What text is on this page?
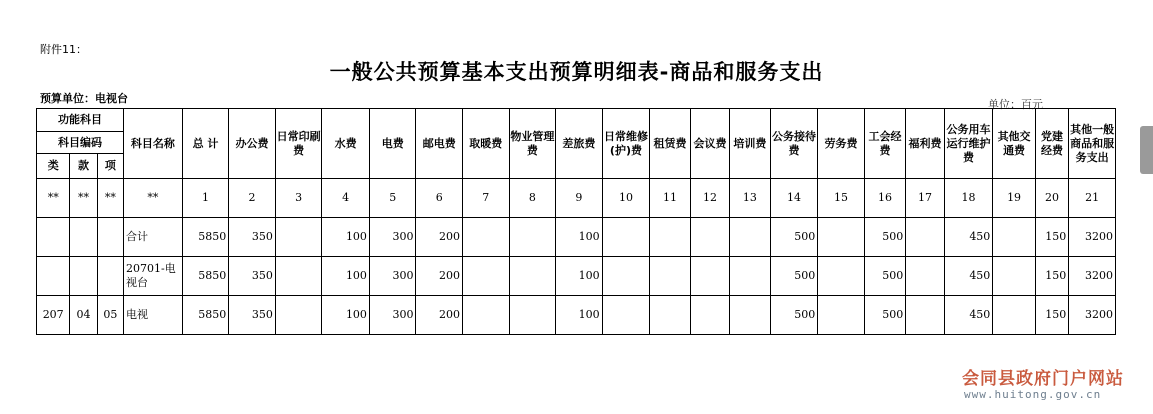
附件11：
一般公共预算基本支出预算明细表-商品和服务支出
预算单位：电视台	单位：百元
功能科目			科目名称	总 计	办公费	日常印刷费	水费	电费	邮电费	取暖费	物业管理费	差旅费	日常维修(护)费	租赁费	会议费	培训费	公务接待费	劳务费	工会经费	福利费	公务用车运行维护费	其他交通费	党建经费	其他一般商品和服务支出
科目编码																								
类	款	项																						
**	**	**	**	1	2	3	4	5	6	7	8	9	10	11	12	13	14	15	16	17	18	19	20	21
			合计	5850	350		100	300	200			100					500		500		450		150	3200
			20701-电视台	5850	350		100	300	200			100					500		500		450		150	3200
207	04	05	电视	5850	350		100	300	200			100					500		500		450		150	3200
会同县政府门户网站
www.huitong.gov.cn
